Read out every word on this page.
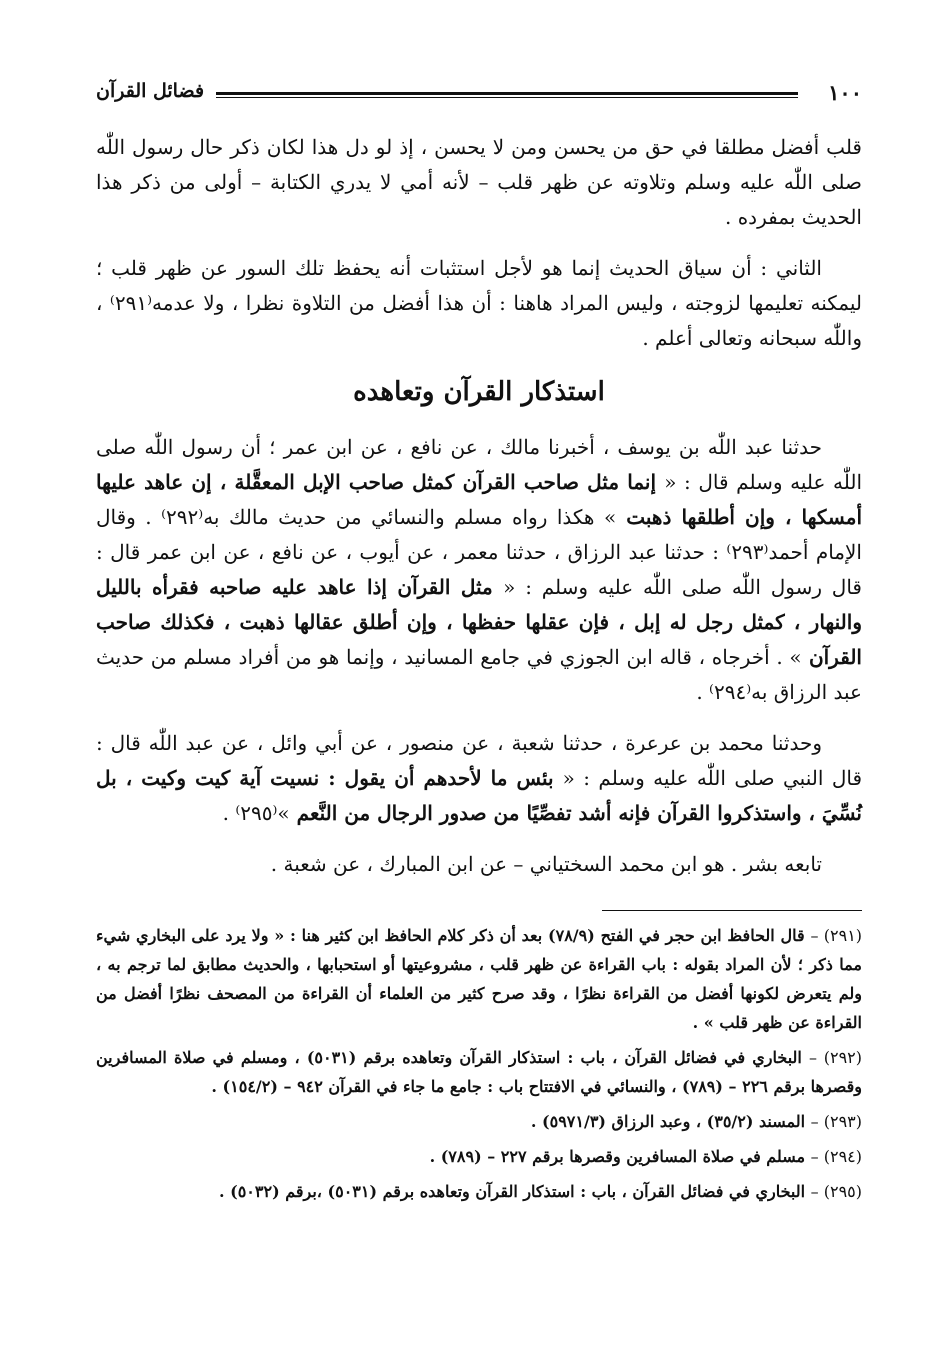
١٠٠
فضائل القرآن

قلب أفضل مطلقا في حق من يحسن ومن لا يحسن ، إذ لو دل هذا لكان ذكر حال رسول اللّٰه صلى اللّٰه عليه وسلم وتلاوته عن ظهر قلب – لأنه أمي لا يدري الكتابة – أولى من ذكر هذا الحديث بمفرده .

الثاني : أن سياق الحديث إنما هو لأجل استثبات أنه يحفظ تلك السور عن ظهر قلب ؛ ليمكنه تعليمها لزوجته ، وليس المراد هاهنا : أن هذا أفضل من التلاوة نظرا ، ولا عدمه⁽٢٩١⁾ ، واللّٰه سبحانه وتعالى أعلم .

استذكار القرآن وتعاهده

حدثنا عبد اللّٰه بن يوسف ، أخبرنا مالك ، عن نافع ، عن ابن عمر ؛ أن رسول اللّٰه صلى اللّٰه عليه وسلم قال : « إنما مثل صاحب القرآن كمثل صاحب الإبل المعقَّلة ، إن عاهد عليها أمسكها ، وإن أطلقها ذهبت » هكذا رواه مسلم والنسائي من حديث مالك به⁽٢٩٢⁾ . وقال الإمام أحمد⁽٢٩٣⁾ : حدثنا عبد الرزاق ، حدثنا معمر ، عن أيوب ، عن نافع ، عن ابن عمر قال : قال رسول اللّٰه صلى اللّٰه عليه وسلم : « مثل القرآن إذا عاهد عليه صاحبه فقرأه بالليل والنهار ، كمثل رجل له إبل ، فإن عقلها حفظها ، وإن أطلق عقالها ذهبت ، فكذلك صاحب القرآن » . أخرجاه ، قاله ابن الجوزي في جامع المسانيد ، وإنما هو من أفراد مسلم من حديث عبد الرزاق به⁽٢٩٤⁾ .

وحدثنا محمد بن عرعرة ، حدثنا شعبة ، عن منصور ، عن أبي وائل ، عن عبد اللّٰه قال : قال النبي صلى اللّٰه عليه وسلم : « بئس ما لأحدهم أن يقول : نسيت آية كيت وكيت ، بل نُسِّيَ ، واستذكروا القرآن فإنه أشد تفصِّيًا من صدور الرجال من النَّعم »⁽٢٩٥⁾ .

تابعه بشر . هو ابن محمد السختياني – عن ابن المبارك ، عن شعبة .

(٢٩١) – قال الحافظ ابن حجر في الفتح (٧٨/٩) بعد أن ذكر كلام الحافظ ابن كثير هنا : « ولا يرد على البخاري شيء مما ذكر ؛ لأن المراد بقوله : باب القراءة عن ظهر قلب ، مشروعيتها أو استحبابها ، والحديث مطابق لما ترجم به ، ولم يتعرض لكونها أفضل من القراءة نظرًا ، وقد صرح كثير من العلماء أن القراءة من المصحف نظرًا أفضل من القراءة عن ظهر قلب » .
(٢٩٢) – البخاري في فضائل القرآن ، باب : استذكار القرآن وتعاهده برقم (٥٠٣١) ، ومسلم في صلاة المسافرين وقصرها برقم ٢٢٦ – (٧٨٩) ، والنسائي في الافتتاح باب : جامع ما جاء في القرآن ٩٤٢ – (١٥٤/٢) .
(٢٩٣) – المسند (٣٥/٢) ، وعبد الرزاق (٥٩٧١/٣) .
(٢٩٤) – مسلم في صلاة المسافرين وقصرها برقم ٢٢٧ – (٧٨٩) .
(٢٩٥) – البخاري في فضائل القرآن ، باب : استذكار القرآن وتعاهده برقم (٥٠٣١) ،برقم (٥٠٣٢) .
